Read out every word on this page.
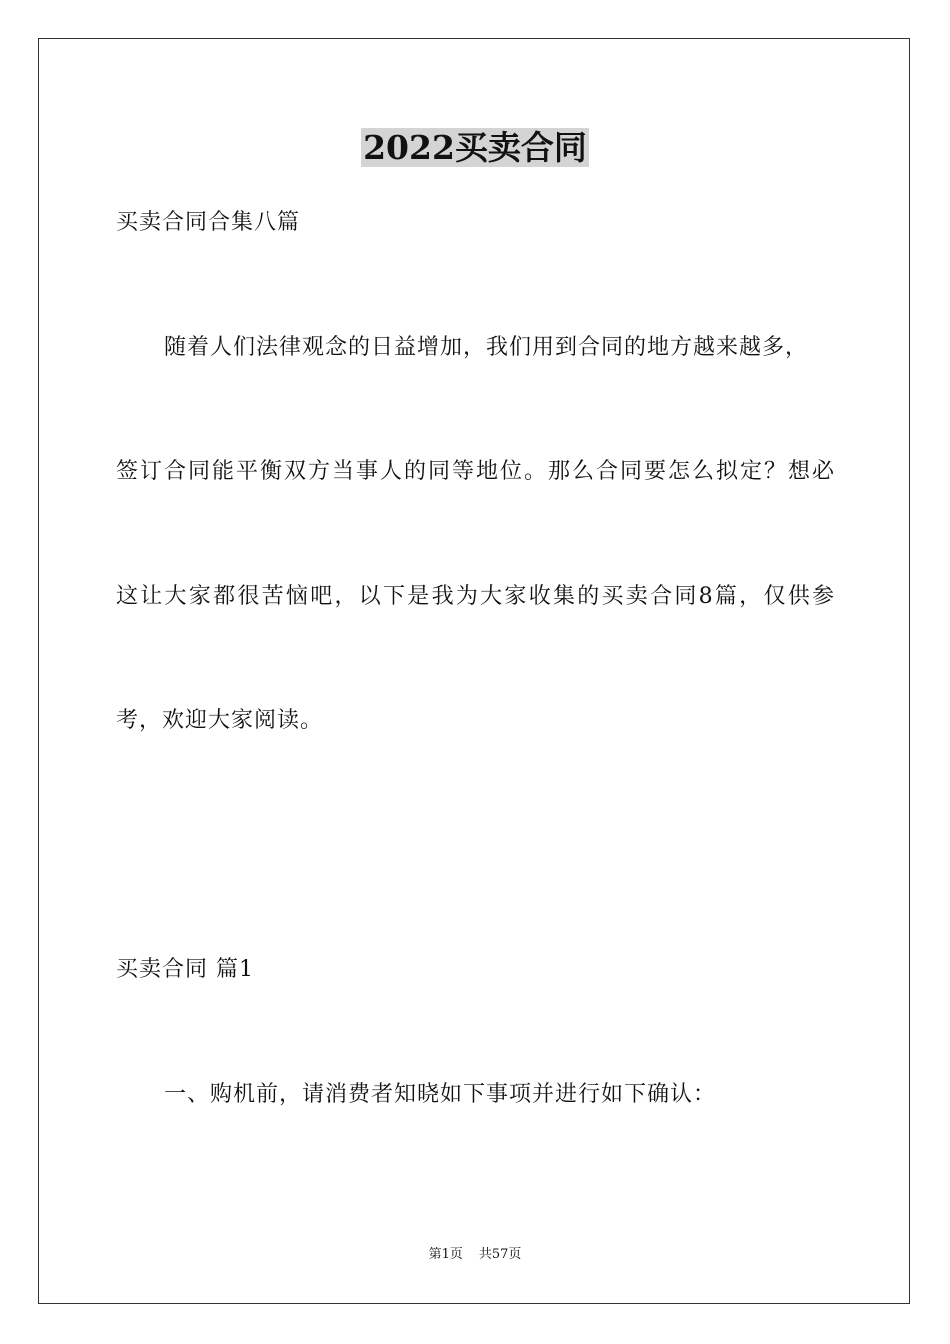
2022买卖合同
买卖合同合集八篇
随着人们法律观念的日益增加，我们用到合同的地方越来越多，
签订合同能平衡双方当事人的同等地位。那么合同要怎么拟定？想必
这让大家都很苦恼吧，以下是我为大家收集的买卖合同8篇，仅供参
考，欢迎大家阅读。
买卖合同 篇1
一、购机前，请消费者知晓如下事项并进行如下确认：
第1页 共57页
